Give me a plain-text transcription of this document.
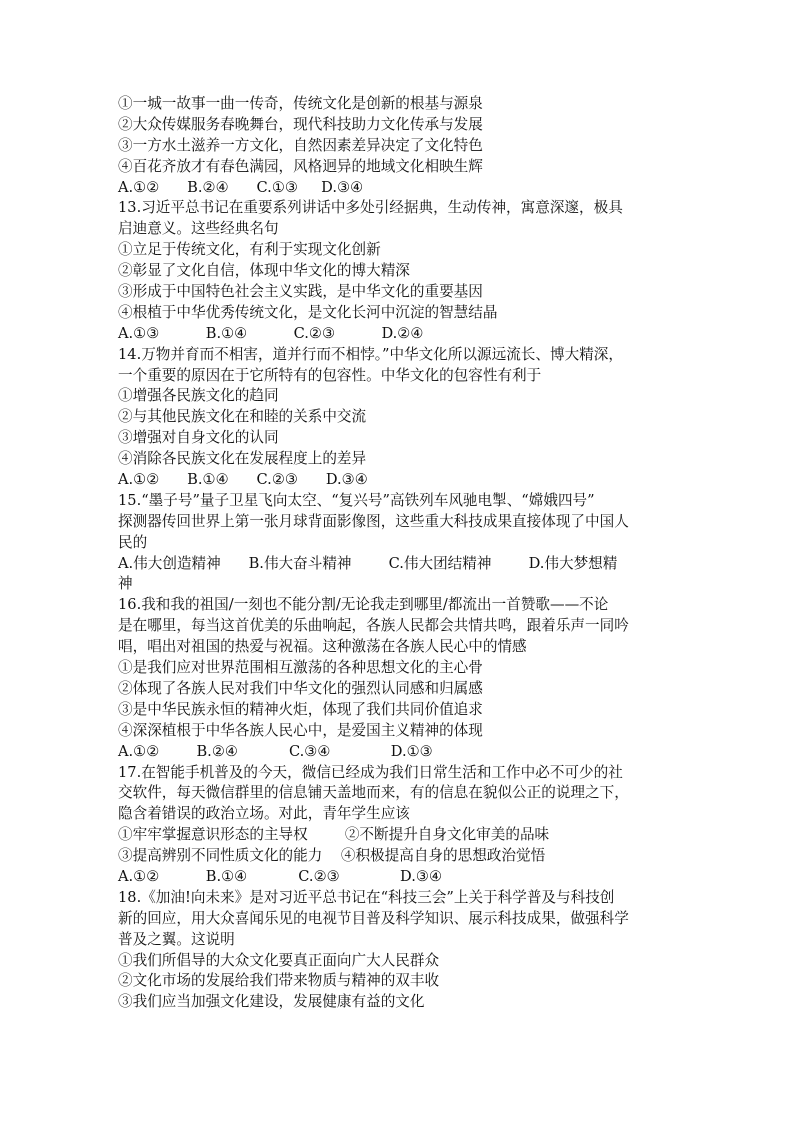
①一城一故事一曲一传奇，传统文化是创新的根基与源泉
②大众传媒服务春晚舞台，现代科技助力文化传承与发展
③一方水土滋养一方文化，自然因素差异决定了文化特色
④百花齐放才有春色满园，风格迥异的地域文化相映生辉
A.①②      B.②④      C.①③     D.③④
13.习近平总书记在重要系列讲话中多处引经据典，生动传神，寓意深邃，极具
启迪意义。这些经典名句
①立足于传统文化，有利于实现文化创新
②彰显了文化自信，体现中华文化的博大精深
③形成于中国特色社会主义实践，是中华文化的重要基因
④根植于中华优秀传统文化，是文化长河中沉淀的智慧结晶
A.①③          B.①④          C.②③          D.②④
14.万物并育而不相害，道并行而不相悖。”中华文化所以源远流长、博大精深，
一个重要的原因在于它所特有的包容性。中华文化的包容性有利于
①增强各民族文化的趋同
②与其他民族文化在和睦的关系中交流
③增强对自身文化的认同
④消除各民族文化在发展程度上的差异
A.①②      B.①④      C.②③      D.③④
15.“墨子号”量子卫星飞向太空、“复兴号”高铁列车风驰电掣、“嫦娥四号”
探测器传回世界上第一张月球背面影像图，这些重大科技成果直接体现了中国人
民的
A.伟大创造精神      B.伟大奋斗精神        C.伟大团结精神        D.伟大梦想精
神
16.我和我的祖国/一刻也不能分割/无论我走到哪里/都流出一首赞歌——不论
是在哪里，每当这首优美的乐曲响起，各族人民都会共情共鸣，跟着乐声一同吟
唱，唱出对祖国的热爱与祝福。这种激荡在各族人民心中的情感
①是我们应对世界范围相互激荡的各种思想文化的主心骨
②体现了各族人民对我们中华文化的强烈认同感和归属感
③是中华民族永恒的精神火炬，体现了我们共同价值追求
④深深植根于中华各族人民心中，是爱国主义精神的体现
A.①②        B.②④           C.③④             D.①③
17.在智能手机普及的今天，微信已经成为我们日常生活和工作中必不可少的社
交软件，每天微信群里的信息铺天盖地而来，有的信息在貌似公正的说理之下，
隐含着错误的政治立场。对此，青年学生应该
①牢牢掌握意识形态的主导权        ②不断提升自身文化审美的品味
③提高辨别不同性质文化的能力    ④积极提高自身的思想政治觉悟
A.①②          B.①④           C.②③             D.③④
18.《加油!向未来》是对习近平总书记在“科技三会”上关于科学普及与科技创
新的回应，用大众喜闻乐见的电视节目普及科学知识、展示科技成果，做强科学
普及之翼。这说明
①我们所倡导的大众文化要真正面向广大人民群众
②文化市场的发展给我们带来物质与精神的双丰收
③我们应当加强文化建设，发展健康有益的文化
